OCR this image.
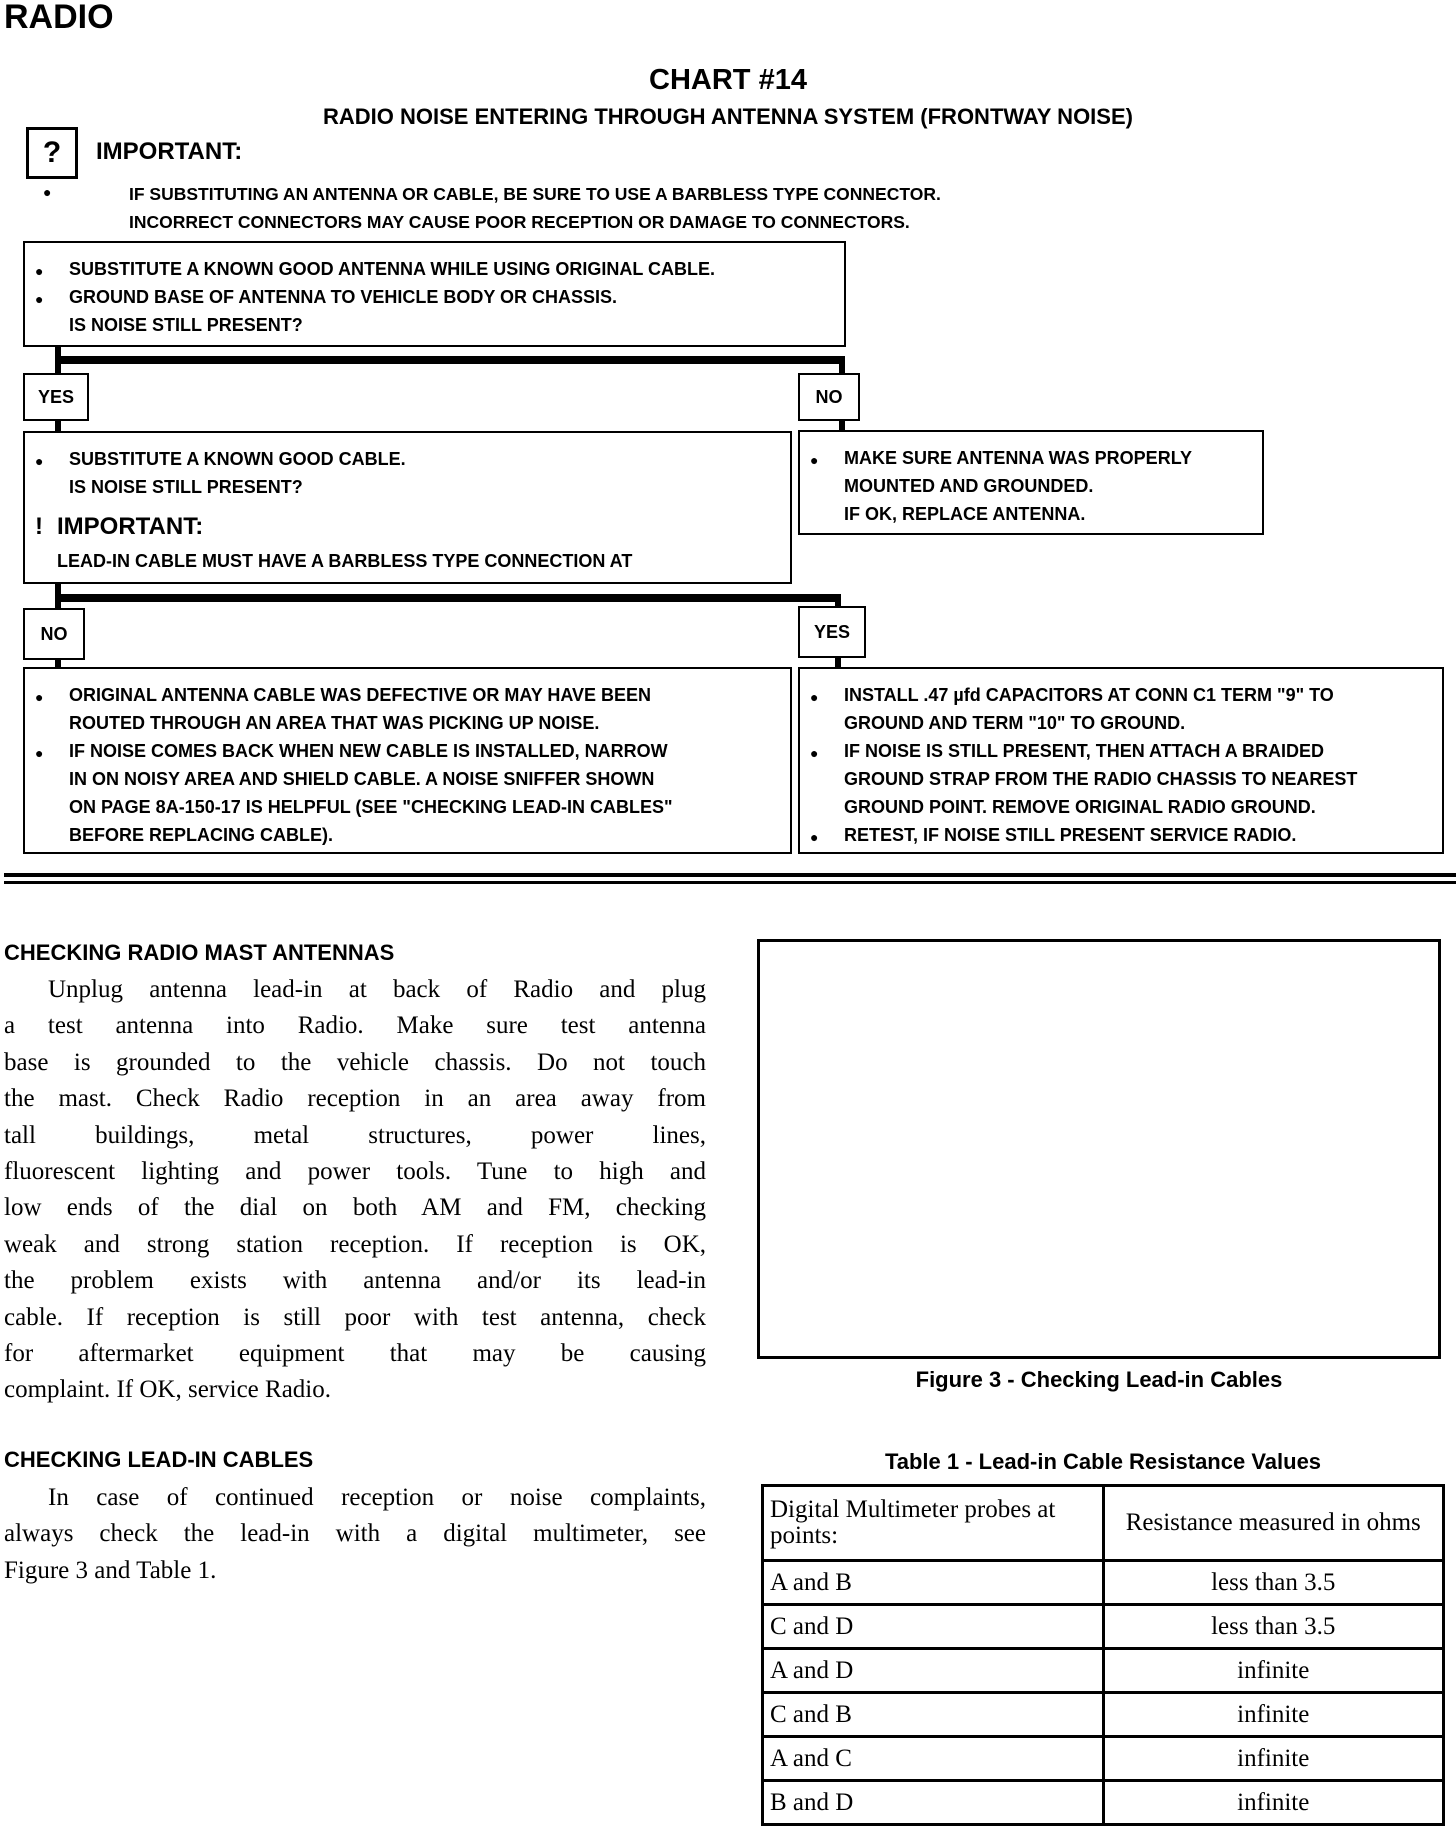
RADIO
CHART #14
RADIO NOISE ENTERING THROUGH ANTENNA SYSTEM (FRONTWAY NOISE)
?	IMPORTANT:
●	IF SUBSTITUTING AN ANTENNA OR CABLE, BE SURE TO USE A BARBLESS TYPE CONNECTOR.
INCORRECT CONNECTORS MAY CAUSE POOR RECEPTION OR DAMAGE TO CONNECTORS.
● SUBSTITUTE A KNOWN GOOD ANTENNA WHILE USING ORIGINAL CABLE.
● GROUND BASE OF ANTENNA TO VEHICLE BODY OR CHASSIS.
IS NOISE STILL PRESENT?
YES	NO
● SUBSTITUTE A KNOWN GOOD CABLE.
IS NOISE STILL PRESENT?
! IMPORTANT:
LEAD-IN CABLE MUST HAVE A BARBLESS TYPE CONNECTION AT
● MAKE SURE ANTENNA WAS PROPERLY
MOUNTED AND GROUNDED.
IF OK, REPLACE ANTENNA.
NO	YES
● ORIGINAL ANTENNA CABLE WAS DEFECTIVE OR MAY HAVE BEEN
ROUTED THROUGH AN AREA THAT WAS PICKING UP NOISE.
● IF NOISE COMES BACK WHEN NEW CABLE IS INSTALLED, NARROW
IN ON NOISY AREA AND SHIELD CABLE. A NOISE SNIFFER SHOWN
ON PAGE 8A-150-17 IS HELPFUL (SEE "CHECKING LEAD-IN CABLES"
BEFORE REPLACING CABLE).
● INSTALL .47 µfd CAPACITORS AT CONN C1 TERM "9" TO
GROUND AND TERM "10" TO GROUND.
● IF NOISE IS STILL PRESENT, THEN ATTACH A BRAIDED
GROUND STRAP FROM THE RADIO CHASSIS TO NEAREST
GROUND POINT. REMOVE ORIGINAL RADIO GROUND.
● RETEST, IF NOISE STILL PRESENT SERVICE RADIO.
CHECKING RADIO MAST ANTENNAS
Unplug antenna lead-in at back of Radio and plug
a test antenna into Radio. Make sure test antenna
base is grounded to the vehicle chassis. Do not touch
the mast. Check Radio reception in an area away from
tall buildings, metal structures, power lines,
fluorescent lighting and power tools. Tune to high and
low ends of the dial on both AM and FM, checking
weak and strong station reception. If reception is OK,
the problem exists with antenna and/or its lead-in
cable. If reception is still poor with test antenna, check
for aftermarket equipment that may be causing
complaint. If OK, service Radio.
CHECKING LEAD-IN CABLES
In case of continued reception or noise complaints,
always check the lead-in with a digital multimeter, see
Figure 3 and Table 1.
Figure 3 - Checking Lead-in Cables
Table 1 - Lead-in Cable Resistance Values
Digital Multimeter probes at points:	Resistance measured in ohms
A and B	less than 3.5
C and D	less than 3.5
A and D	infinite
C and B	infinite
A and C	infinite
B and D	infinite
